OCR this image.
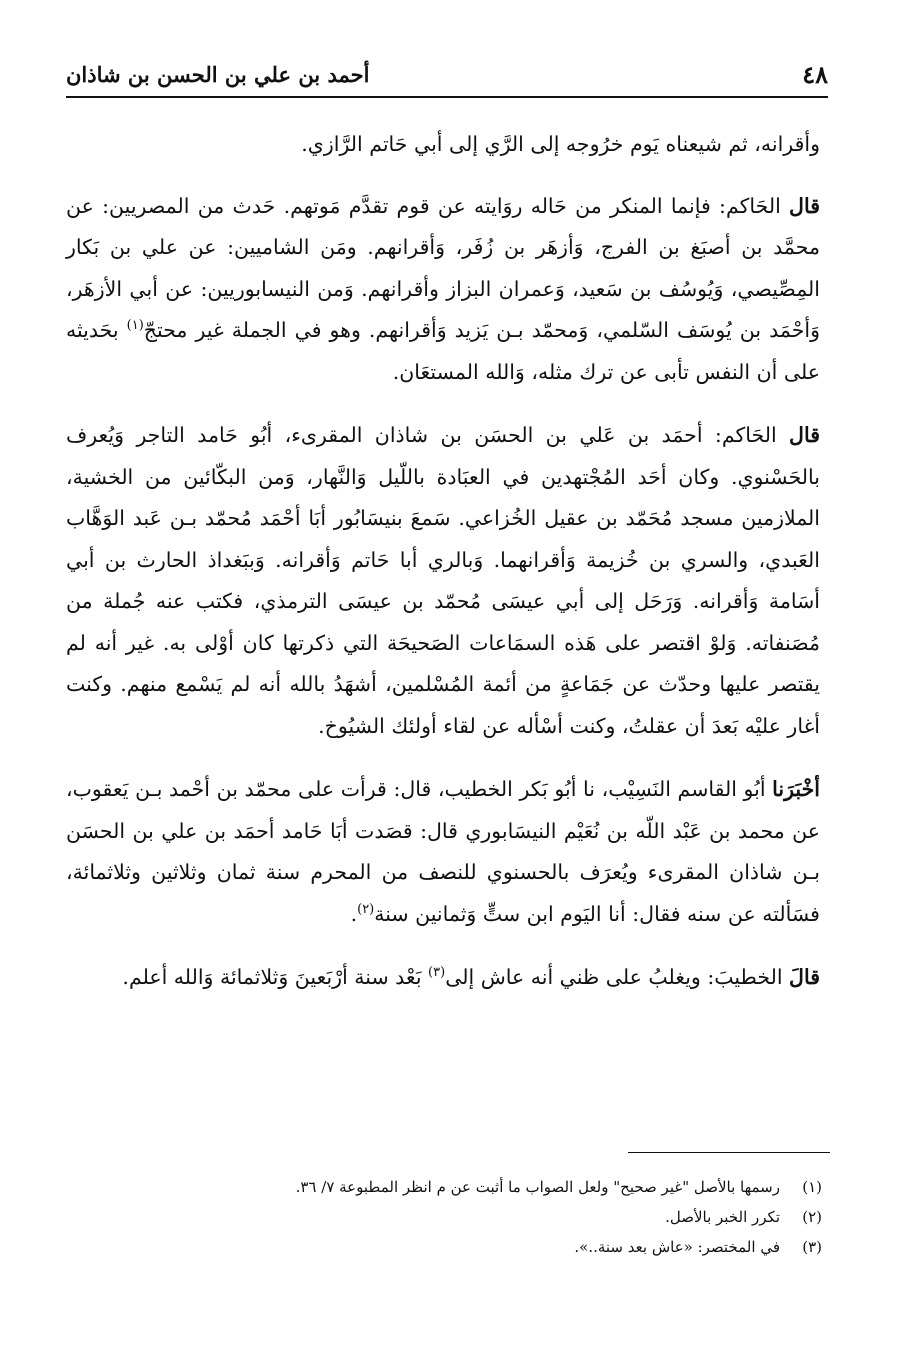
٤٨
أحمد بن علي بن الحسن بن شاذان

وأقرانه، ثم شيعناه يَوم خرُوجه إلى الرَّي إلى أبي حَاتم الرَّازي.

قال الحَاكم: فإنما المنكر من حَاله روَايته عن قوم تقدَّم مَوتهم. حَدث من المصريين: عن محمَّد بن أصبَغ بن الفرج، وَأزهَر بن زُفَر، وَأقرانهم. ومَن الشاميين: عن علي بن بَكار المِصِّيصي، وَيُوسُف بن سَعيد، وَعمران البزاز وأقرانهم. وَمن النيسابوريين: عن أبي الأزهَر، وَأحْمَد بن يُوسَف السّلمي، وَمحمّد بـن يَزيد وَأقرانهم. وهو في الجملة غير محتجّ$^{(١)}$ بحَديثه على أن النفس تأبى عن ترك مثله، وَالله المستعَان.

قال الحَاكم: أحمَد بن عَلي بن الحسَن بن شاذان المقرىء، أبُو حَامد التاجر وَيُعرف بالحَسْنوي. وكان أحَد المُجْتهدين في العبَادة باللّيل وَالنَّهار، وَمن البكّائين من الخشية، الملازمين مسجد مُحَمّد بن عقيل الخُزاعي. سَمعَ بنيسَابُور أبَا أحْمَد مُحمّد بـن عَبد الوَهَّاب العَبدي، والسري بن خُزيمة وَأقرانهما. وَبالري أبا حَاتم وَأقرانه. وَببَغداذ الحارث بن أبي أسَامة وَأقرانه. وَرَحَل إلى أبي عيسَى مُحمّد بن عيسَى الترمذي، فكتب عنه جُملة من مُصَنفاته. وَلوْ اقتصر على هَذه السمَاعات الصَحيحَة التي ذكرتها كان أوْلى به. غير أنه لم يقتصر عليها وحدّث عن جَمَاعةٍ من أئمة المُسْلمين، أشهَدُ بالله أنه لم يَسْمع منهم. وكنت أغار عليْه بَعدَ أن عقلتُ، وكنت أسْأله عن لقاء أولئك الشيُوخ.

أخْبَرَنا أبُو القاسم النَسِيْب، نا أبُو بَكر الخطيب، قال: قرأت على محمّد بن أحْمد بـن يَعقوب، عن محمد بن عَبْد اللّه بن نُعَيْم النيسَابوري قال: قصَدت أبَا حَامد أحمَد بن علي بن الحسَن بـن شاذان المقرىء ويُعرَف بالحسنوي للنصف من المحرم سنة ثمان وثلاثين وثلاثمائة، فسَألته عن سنه فقال: أنا اليَوم ابن ستٍّ وَثمانين سنة$^{(٢)}$.

قالَ الخطيبَ: ويغلبُ على ظني أنه عاش إلى$^{(٣)}$ بَعْد سنة أرْبَعينَ وَثلاثمائة وَالله أعلم.

(١)
رسمها بالأصل "غير صحيح" ولعل الصواب ما أثبت عن م انظر المطبوعة ٧/ ٣٦.
(٢)
تكرر الخبر بالأصل.
(٣)
في المختصر: «عاش بعد سنة..».
